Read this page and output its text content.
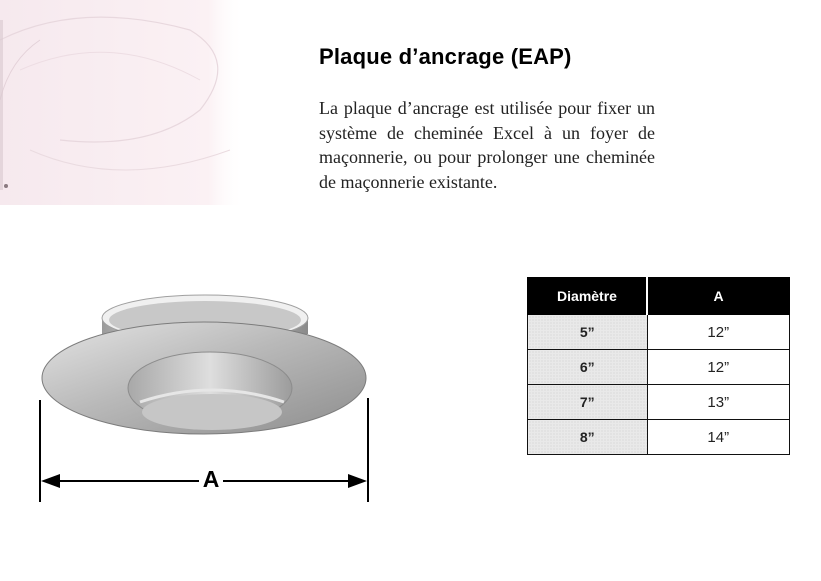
Plaque d’ancrage (EAP)

La plaque d’ancrage est utilisée pour fixer un système de cheminée Excel à un foyer de maçonnerie, ou pour prolonger une cheminée de maçonnerie existante.

A
Diamètre	A
5”	12”
6”	12”
7”	13”
8”	14”
